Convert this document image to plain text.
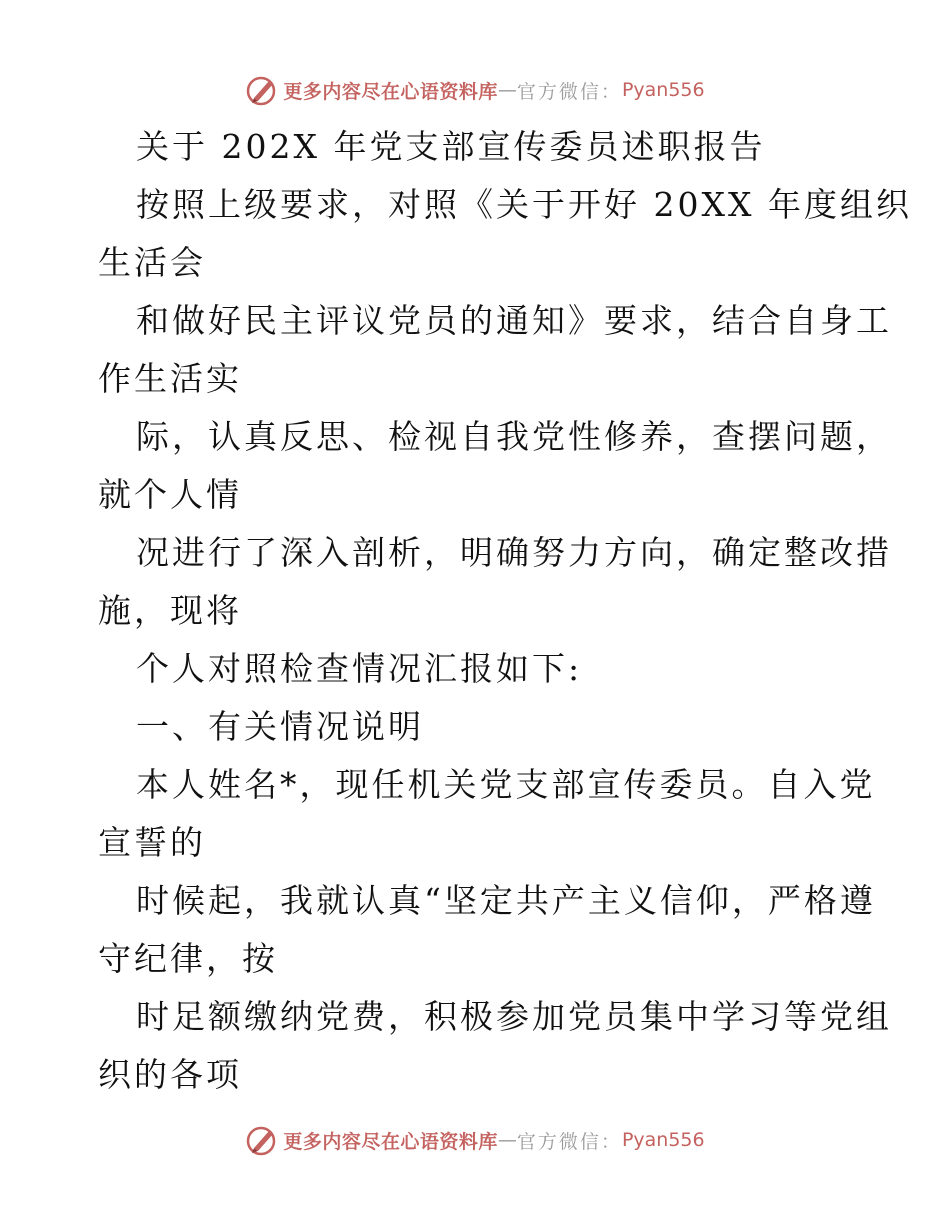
更多内容尽在心语资料库 — 官方微信： Pyan556
关于 202X 年党支部宣传委员述职报告
按照上级要求，对照《关于开好 20XX 年度组织
生活会
和做好民主评议党员的通知》要求，结合自身工
作生活实
际，认真反思、检视自我党性修养，查摆问题，
就个人情
况进行了深入剖析，明确努力方向，确定整改措
施，现将
个人对照检查情况汇报如下:
一、有关情况说明
本人姓名*，现任机关党支部宣传委员。自入党
宣誓的
时候起，我就认真“坚定共产主义信仰，严格遵
守纪律，按
时足额缴纳党费，积极参加党员集中学习等党组
织的各项
更多内容尽在心语资料库 — 官方微信： Pyan556
